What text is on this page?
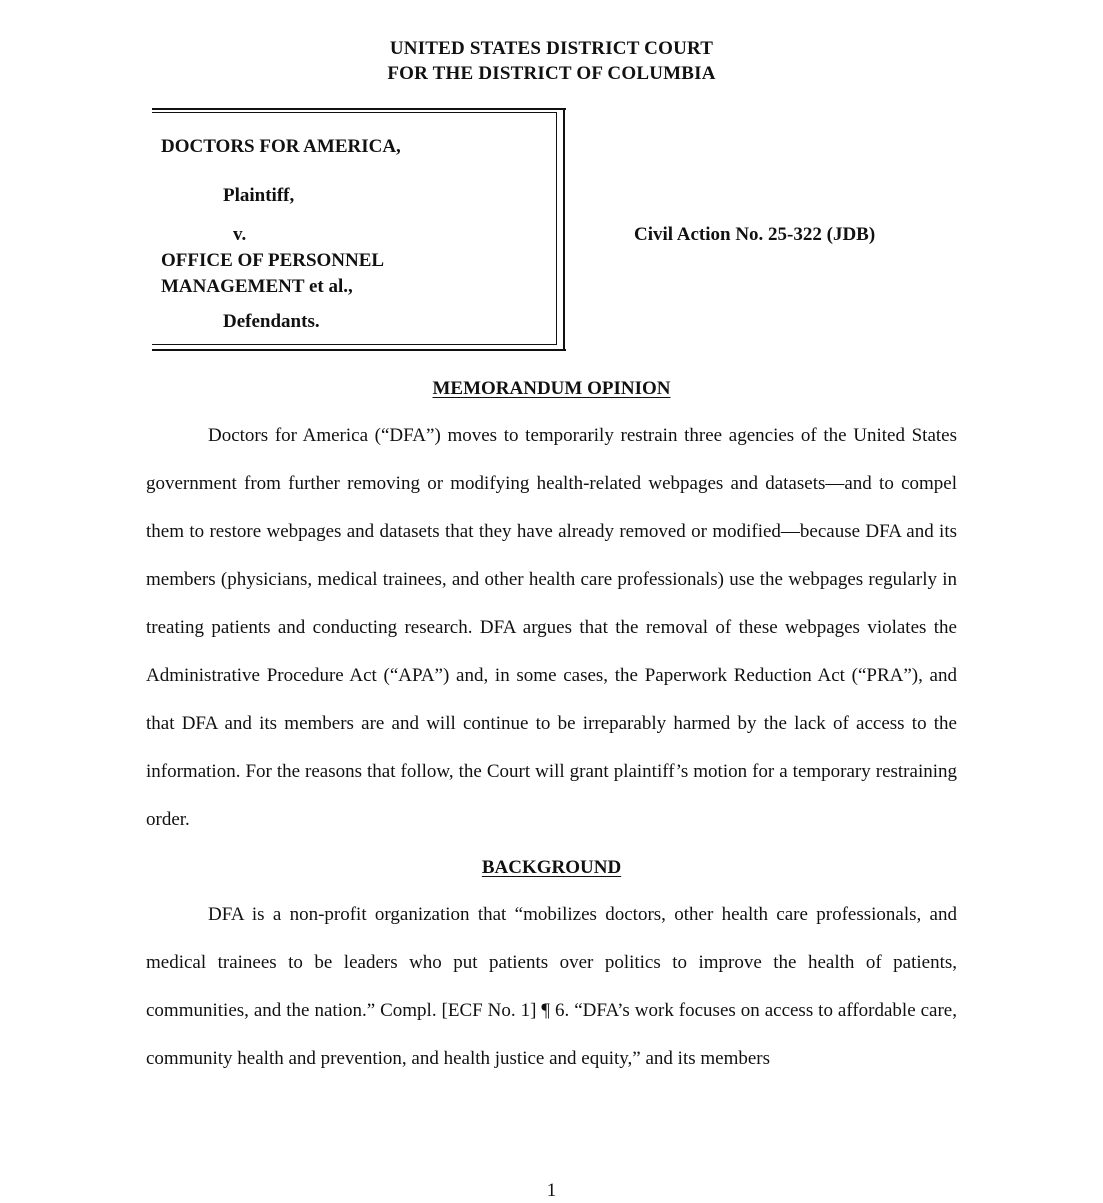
UNITED STATES DISTRICT COURT
FOR THE DISTRICT OF COLUMBIA
DOCTORS FOR AMERICA,
Plaintiff,
v.
OFFICE OF PERSONNEL
MANAGEMENT et al.,
Defendants.
Civil Action No. 25-322 (JDB)
MEMORANDUM OPINION

Doctors for America (“DFA”) moves to temporarily restrain three agencies of the United States government from further removing or modifying health-related webpages and datasets—and to compel them to restore webpages and datasets that they have already removed or modified—because DFA and its members (physicians, medical trainees, and other health care professionals) use the webpages regularly in treating patients and conducting research. DFA argues that the removal of these webpages violates the Administrative Procedure Act (“APA”) and, in some cases, the Paperwork Reduction Act (“PRA”), and that DFA and its members are and will continue to be irreparably harmed by the lack of access to the information. For the reasons that follow, the Court will grant plaintiff’s motion for a temporary restraining order.

BACKGROUND

DFA is a non-profit organization that “mobilizes doctors, other health care professionals, and medical trainees to be leaders who put patients over politics to improve the health of patients, communities, and the nation.” Compl. [ECF No. 1] ¶ 6. “DFA’s work focuses on access to affordable care, community health and prevention, and health justice and equity,” and its members

1
